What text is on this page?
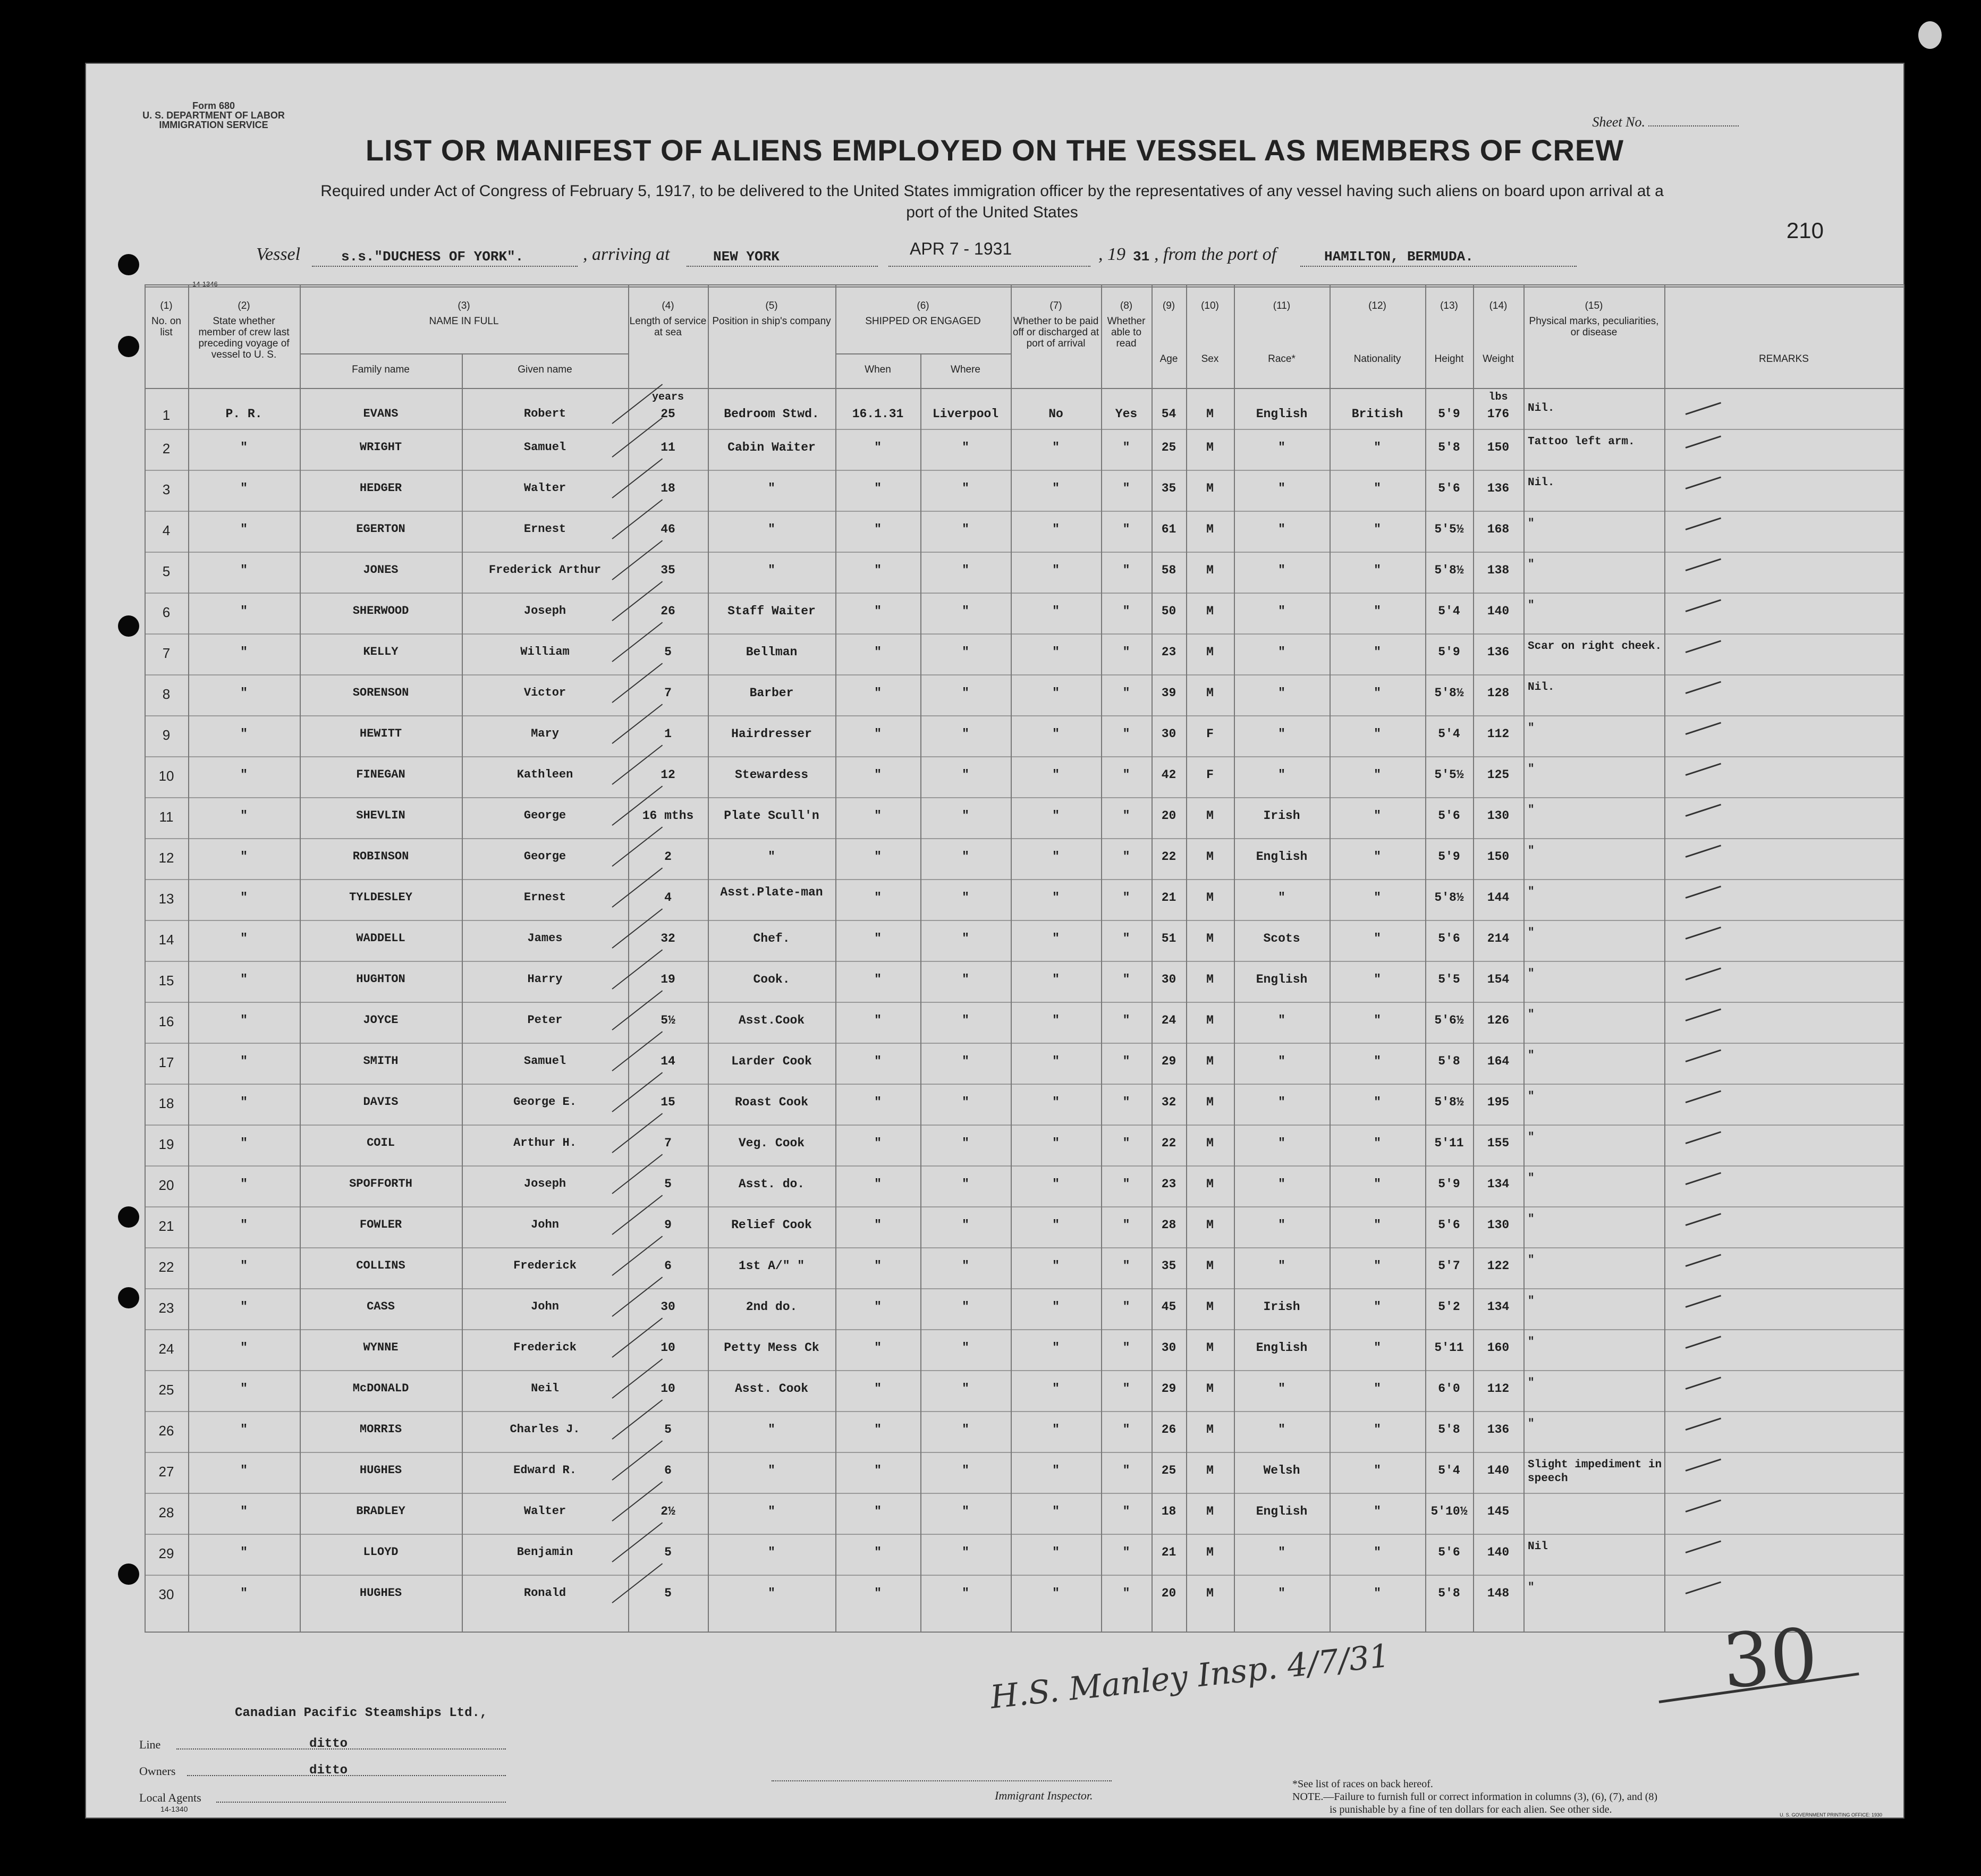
Form 680
U. S. DEPARTMENT OF LABOR
IMMIGRATION SERVICE	Sheet No.
210
LIST OR MANIFEST OF ALIENS EMPLOYED ON THE VESSEL AS MEMBERS OF CREW
Required under Act of Congress of February 5, 1917, to be delivered to the United States immigration officer by the representatives of any vessel having such aliens on board upon arrival at a
port of the United States
Vessel	s.s."DUCHESS OF YORK".	, arriving at	NEW YORK	APR 7 - 1931	, 19 31 , from the port of	HAMILTON, BERMUDA.
14-1346
(1)
No. on list
(2)
State whether member of crew last preceding voyage of vessel to U. S.
(3)
NAME IN FULL
Family name	Given name
(4)
Length of service at sea
(5)
Position in ship's company
(6)
SHIPPED OR ENGAGED
When	Where
(7)
Whether to be paid off or discharged at port of arrival
(8)
Whether able to read
(9)
Age
(10)
Sex
(11)
Race*
(12)
Nationality
(13)
Height
(14)
Weight
(15)
Physical marks, peculiarities, or disease
REMARKS
years	lbs
1	P. R.	EVANS	Robert	25	Bedroom Stwd.	16.1.31	Liverpool	No	Yes	54	M	English	British	5'9	176	Nil.
2	"	WRIGHT	Samuel	11	Cabin Waiter	"	"	"	"	25	M	"	"	5'8	150	Tattoo left arm.
3	"	HEDGER	Walter	18	"	"	"	"	"	35	M	"	"	5'6	136	Nil.
4	"	EGERTON	Ernest	46	"	"	"	"	"	61	M	"	"	5'5½	168	"
5	"	JONES	Frederick Arthur	35	"	"	"	"	"	58	M	"	"	5'8½	138	"
6	"	SHERWOOD	Joseph	26	Staff Waiter	"	"	"	"	50	M	"	"	5'4	140	"
7	"	KELLY	William	5	Bellman	"	"	"	"	23	M	"	"	5'9	136	Scar on right cheek.
8	"	SORENSON	Victor	7	Barber	"	"	"	"	39	M	"	"	5'8½	128	Nil.
9	"	HEWITT	Mary	1	Hairdresser	"	"	"	"	30	F	"	"	5'4	112	"
10	"	FINEGAN	Kathleen	12	Stewardess	"	"	"	"	42	F	"	"	5'5½	125	"
11	"	SHEVLIN	George	16 mths	Plate Scull'n	"	"	"	"	20	M	Irish	"	5'6	130	"
12	"	ROBINSON	George	2	"	"	"	"	"	22	M	English	"	5'9	150	"
13	"	TYLDESLEY	Ernest	4	Asst.Plate-man	"	"	"	"	21	M	"	"	5'8½	144	"
14	"	WADDELL	James	32	Chef.	"	"	"	"	51	M	Scots	"	5'6	214	"
15	"	HUGHTON	Harry	19	Cook.	"	"	"	"	30	M	English	"	5'5	154	"
16	"	JOYCE	Peter	5½	Asst.Cook	"	"	"	"	24	M	"	"	5'6½	126	"
17	"	SMITH	Samuel	14	Larder Cook	"	"	"	"	29	M	"	"	5'8	164	"
18	"	DAVIS	George E.	15	Roast Cook	"	"	"	"	32	M	"	"	5'8½	195	"
19	"	COIL	Arthur H.	7	Veg. Cook	"	"	"	"	22	M	"	"	5'11	155	"
20	"	SPOFFORTH	Joseph	5	Asst. do.	"	"	"	"	23	M	"	"	5'9	134	"
21	"	FOWLER	John	9	Relief Cook	"	"	"	"	28	M	"	"	5'6	130	"
22	"	COLLINS	Frederick	6	1st A/" "	"	"	"	"	35	M	"	"	5'7	122	"
23	"	CASS	John	30	2nd do.	"	"	"	"	45	M	Irish	"	5'2	134	"
24	"	WYNNE	Frederick	10	Petty Mess Ck	"	"	"	"	30	M	English	"	5'11	160	"
25	"	McDONALD	Neil	10	Asst. Cook	"	"	"	"	29	M	"	"	6'0	112	"
26	"	MORRIS	Charles J.	5	"	"	"	"	"	26	M	"	"	5'8	136	"
27	"	HUGHES	Edward R.	6	"	"	"	"	"	25	M	Welsh	"	5'4	140	Slight impediment in speech
28	"	BRADLEY	Walter	2½	"	"	"	"	"	18	M	English	"	5'10½	145
29	"	LLOYD	Benjamin	5	"	"	"	"	"	21	M	"	"	5'6	140	Nil
30	"	HUGHES	Ronald	5	"	"	"	"	"	20	M	"	"	5'8	148	"
Canadian Pacific Steamships Ltd.,
Line	ditto
Owners	ditto
Local Agents
14-1340
Immigrant Inspector.
*See list of races on back hereof.
NOTE.—Failure to furnish full or correct information in columns (3), (6), (7), and (8)
is punishable by a fine of ten dollars for each alien. See other side.	U. S. GOVERNMENT PRINTING OFFICE: 1930
H.S. Manley Insp. 4/7/31	30
